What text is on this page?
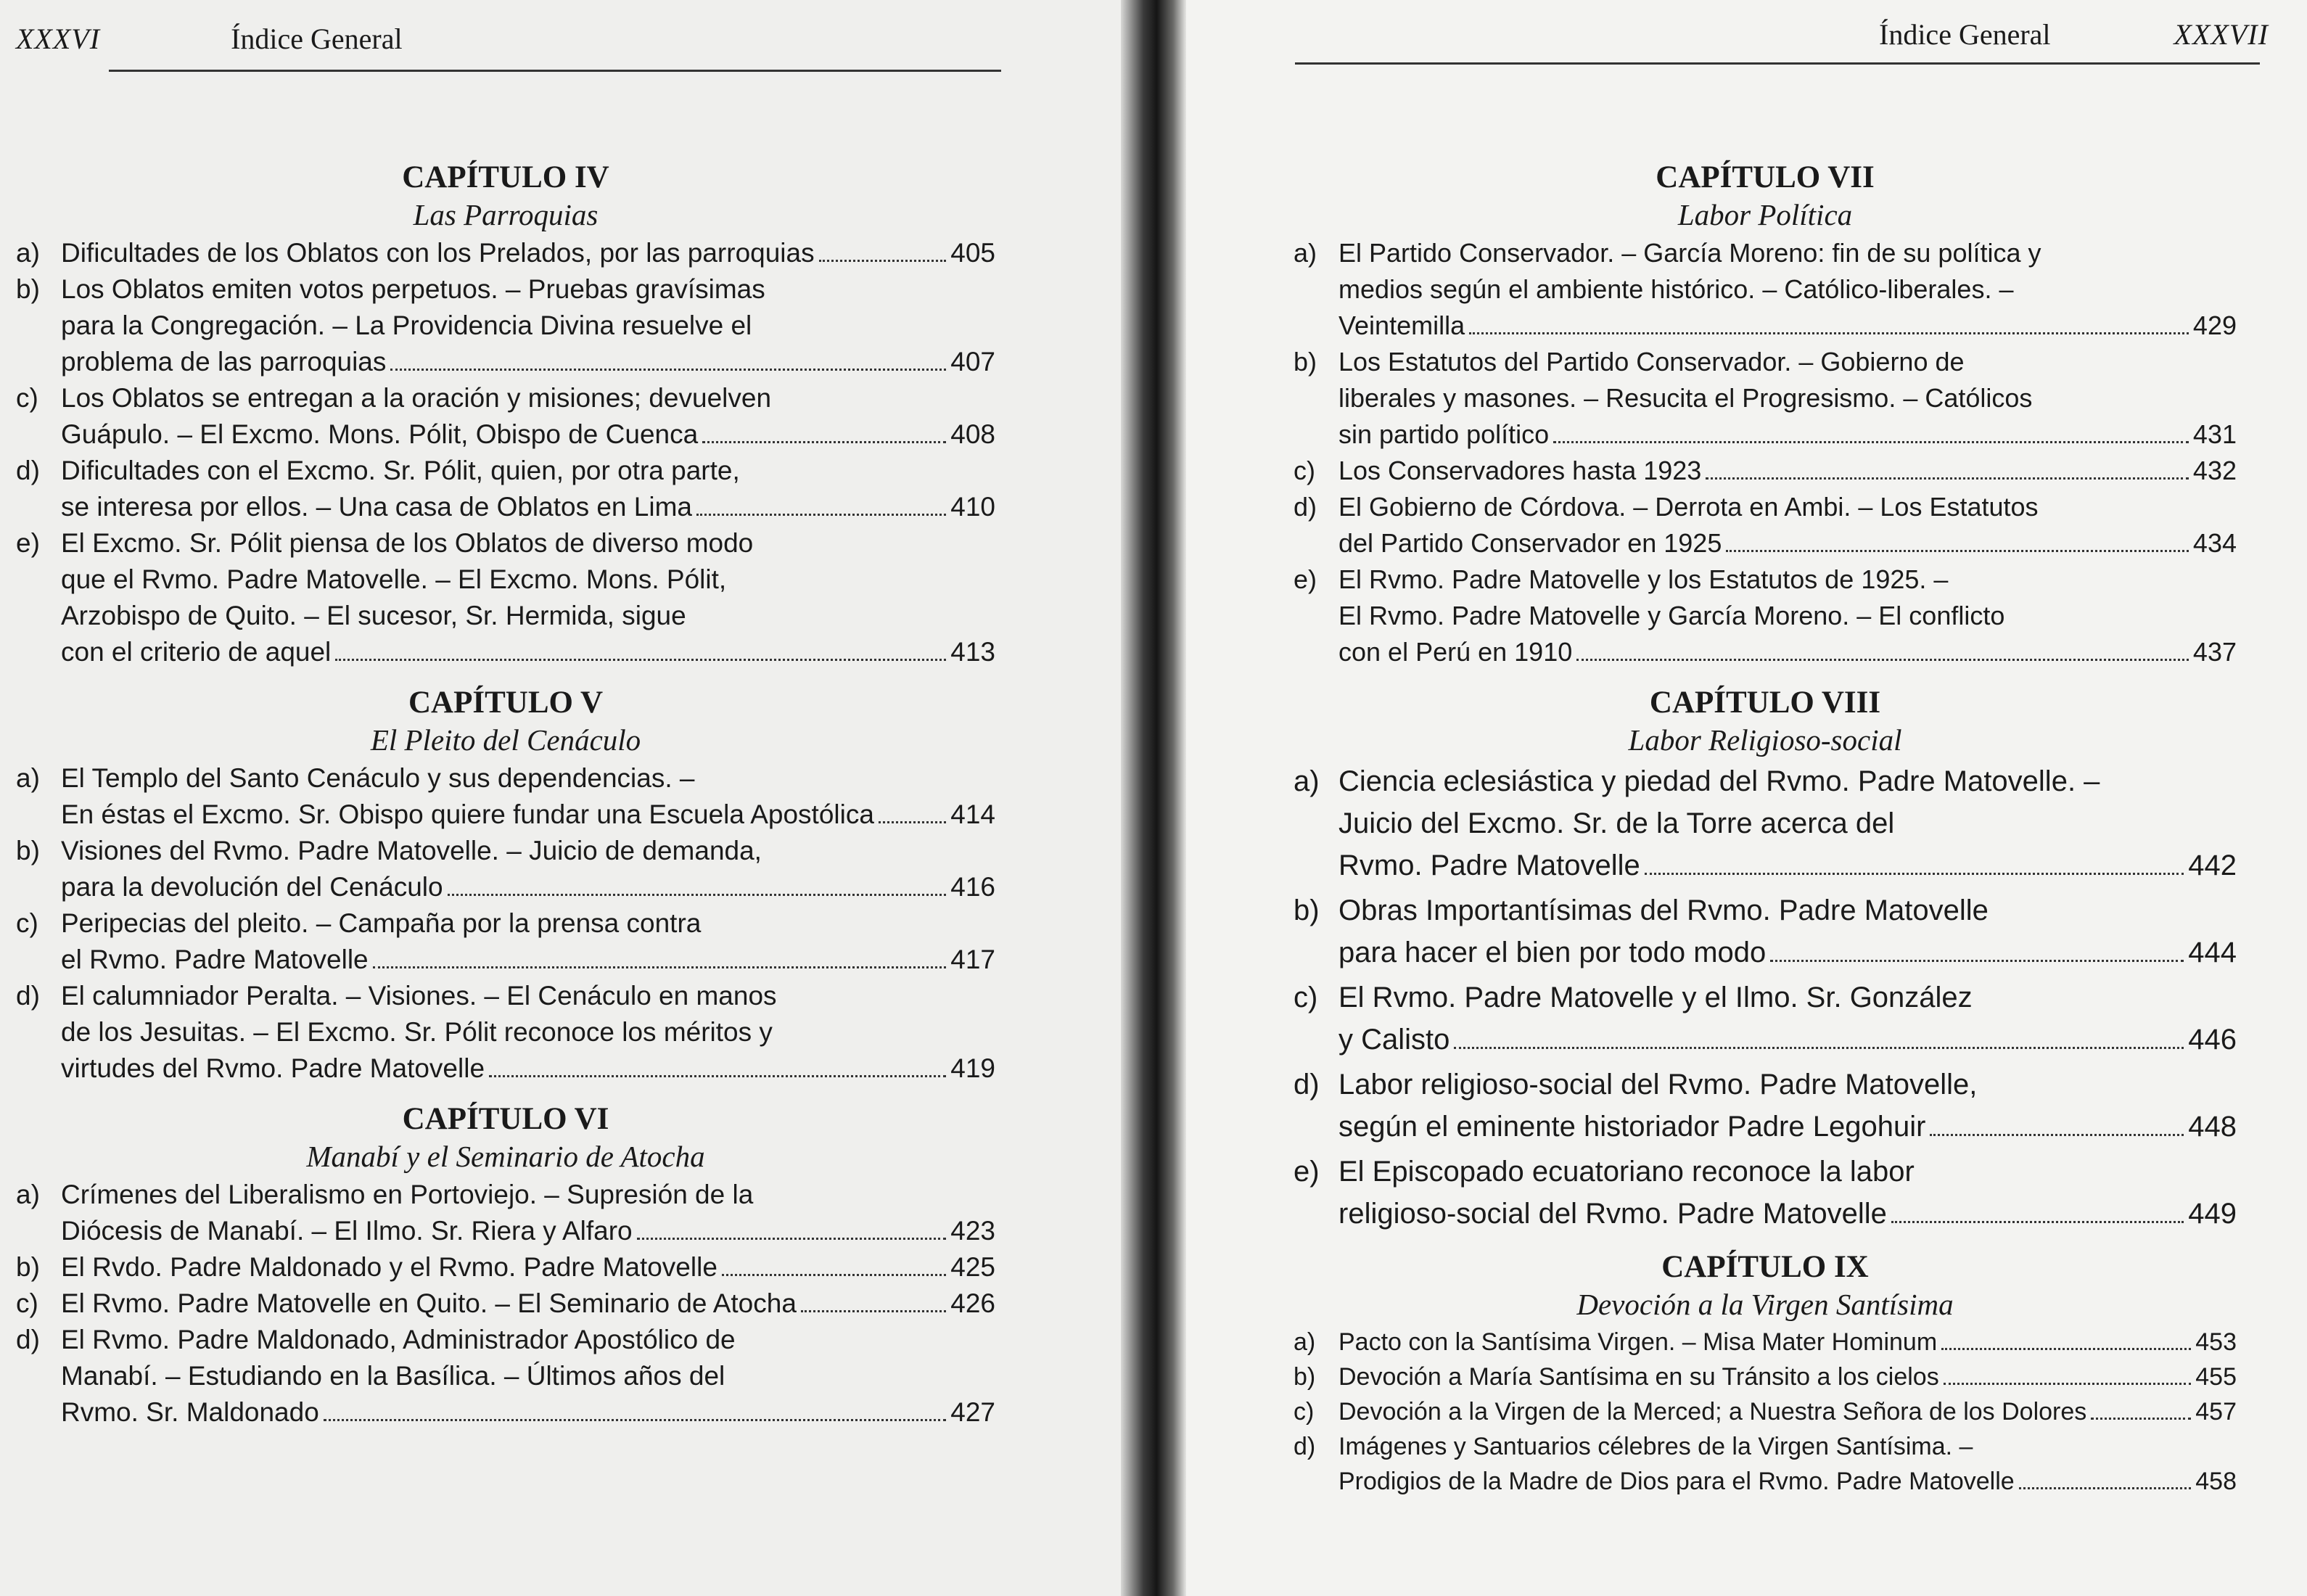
XXXVI	Índice General
CAPÍTULO IV
Las Parroquias
a) Dificultades de los Oblatos con los Prelados, por las parroquias	405
b) Los Oblatos emiten votos perpetuos. – Pruebas gravísimas
para la Congregación. – La Providencia Divina resuelve el
problema de las parroquias	407
c) Los Oblatos se entregan a la oración y misiones; devuelven
Guápulo. – El Excmo. Mons. Pólit, Obispo de Cuenca	408
d) Dificultades con el Excmo. Sr. Pólit, quien, por otra parte,
se interesa por ellos. – Una casa de Oblatos en Lima	410
e) El Excmo. Sr. Pólit piensa de los Oblatos de diverso modo
que el Rvmo. Padre Matovelle. – El Excmo. Mons. Pólit,
Arzobispo de Quito. – El sucesor, Sr. Hermida, sigue
con el criterio de aquel	413
CAPÍTULO V
El Pleito del Cenáculo
a) El Templo del Santo Cenáculo y sus dependencias. –
En éstas el Excmo. Sr. Obispo quiere fundar una Escuela Apostólica	414
b) Visiones del Rvmo. Padre Matovelle. – Juicio de demanda,
para la devolución del Cenáculo	416
c) Peripecias del pleito. – Campaña por la prensa contra
el Rvmo. Padre Matovelle	417
d) El calumniador Peralta. – Visiones. – El Cenáculo en manos
de los Jesuitas. – El Excmo. Sr. Pólit reconoce los méritos y
virtudes del Rvmo. Padre Matovelle	419
CAPÍTULO VI
Manabí y el Seminario de Atocha
a) Crímenes del Liberalismo en Portoviejo. – Supresión de la
Diócesis de Manabí. – El Ilmo. Sr. Riera y Alfaro	423
b) El Rvdo. Padre Maldonado y el Rvmo. Padre Matovelle	425
c) El Rvmo. Padre Matovelle en Quito. – El Seminario de Atocha	426
d) El Rvmo. Padre Maldonado, Administrador Apostólico de
Manabí. – Estudiando en la Basílica. – Últimos años del
Rvmo. Sr. Maldonado	427
Índice General	XXXVII
CAPÍTULO VII
Labor Política
a) El Partido Conservador. – García Moreno: fin de su política y
medios según el ambiente histórico. – Católico-liberales. –
Veintemilla	429
b) Los Estatutos del Partido Conservador. – Gobierno de
liberales y masones. – Resucita el Progresismo. – Católicos
sin partido político	431
c) Los Conservadores hasta 1923	432
d) El Gobierno de Córdova. – Derrota en Ambi. – Los Estatutos
del Partido Conservador en 1925	434
e) El Rvmo. Padre Matovelle y los Estatutos de 1925. –
El Rvmo. Padre Matovelle y García Moreno. – El conflicto
con el Perú en 1910	437
CAPÍTULO VIII
Labor Religioso-social
a) Ciencia eclesiástica y piedad del Rvmo. Padre Matovelle. –
Juicio del Excmo. Sr. de la Torre acerca del
Rvmo. Padre Matovelle	442
b) Obras Importantísimas del Rvmo. Padre Matovelle
para hacer el bien por todo modo	444
c) El Rvmo. Padre Matovelle y el Ilmo. Sr. González
y Calisto	446
d) Labor religioso-social del Rvmo. Padre Matovelle,
según el eminente historiador Padre Legohuir	448
e) El Episcopado ecuatoriano reconoce la labor
religioso-social del Rvmo. Padre Matovelle	449
CAPÍTULO IX
Devoción a la Virgen Santísima
a) Pacto con la Santísima Virgen. – Misa Mater Hominum	453
b) Devoción a María Santísima en su Tránsito a los cielos	455
c) Devoción a la Virgen de la Merced; a Nuestra Señora de los Dolores	457
d) Imágenes y Santuarios célebres de la Virgen Santísima. –
Prodigios de la Madre de Dios para el Rvmo. Padre Matovelle	458
